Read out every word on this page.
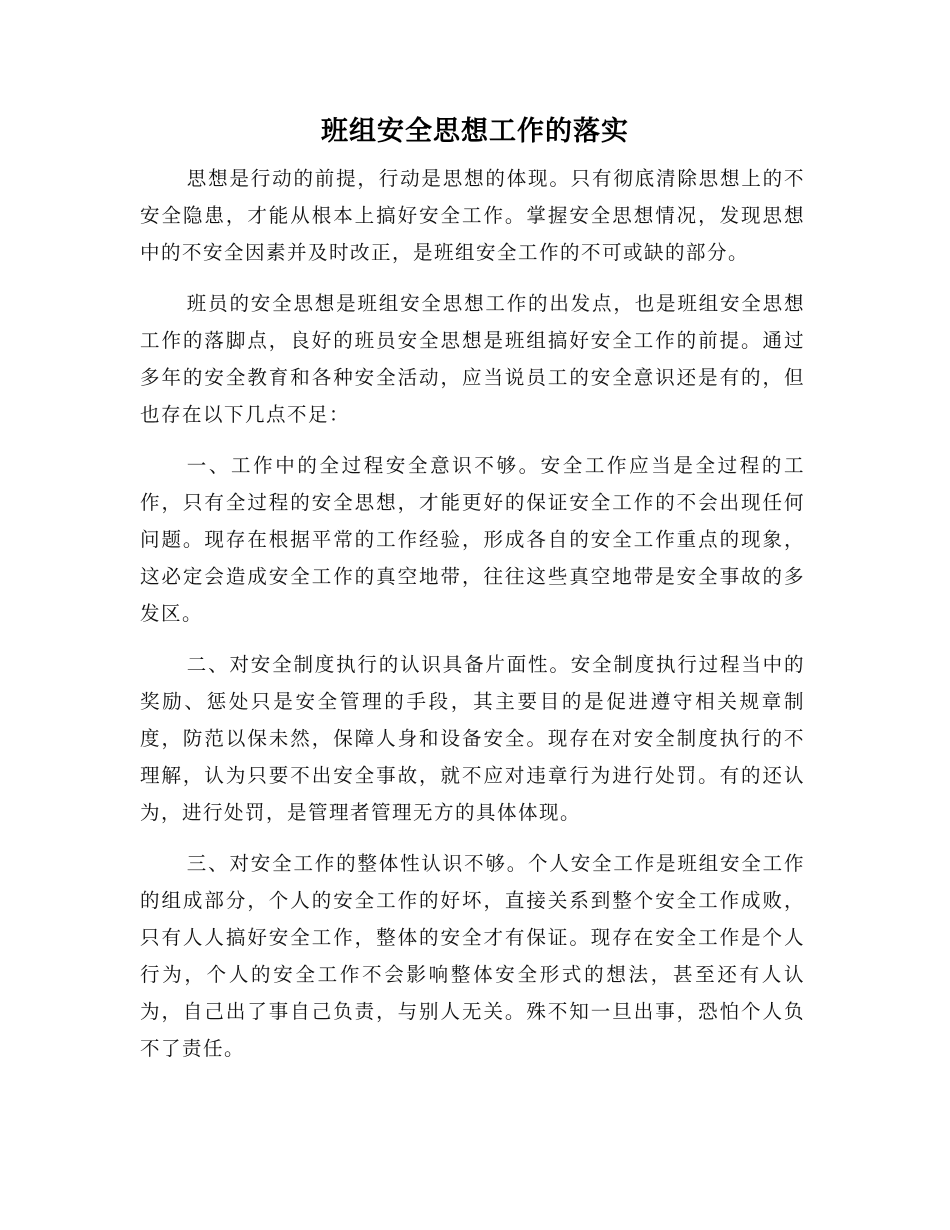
班组安全思想工作的落实

思想是行动的前提，行动是思想的体现。只有彻底清除思想上的不安全隐患，才能从根本上搞好安全工作。掌握安全思想情况，发现思想中的不安全因素并及时改正，是班组安全工作的不可或缺的部分。

班员的安全思想是班组安全思想工作的出发点，也是班组安全思想工作的落脚点，良好的班员安全思想是班组搞好安全工作的前提。通过多年的安全教育和各种安全活动，应当说员工的安全意识还是有的，但也存在以下几点不足：

一、工作中的全过程安全意识不够。安全工作应当是全过程的工作，只有全过程的安全思想，才能更好的保证安全工作的不会出现任何问题。现存在根据平常的工作经验，形成各自的安全工作重点的现象，这必定会造成安全工作的真空地带，往往这些真空地带是安全事故的多发区。

二、对安全制度执行的认识具备片面性。安全制度执行过程当中的奖励、惩处只是安全管理的手段，其主要目的是促进遵守相关规章制度，防范以保未然，保障人身和设备安全。现存在对安全制度执行的不理解，认为只要不出安全事故，就不应对违章行为进行处罚。有的还认为，进行处罚，是管理者管理无方的具体体现。

三、对安全工作的整体性认识不够。个人安全工作是班组安全工作的组成部分，个人的安全工作的好坏，直接关系到整个安全工作成败，只有人人搞好安全工作，整体的安全才有保证。现存在安全工作是个人行为，个人的安全工作不会影响整体安全形式的想法，甚至还有人认为，自己出了事自己负责，与别人无关。殊不知一旦出事，恐怕个人负不了责任。
